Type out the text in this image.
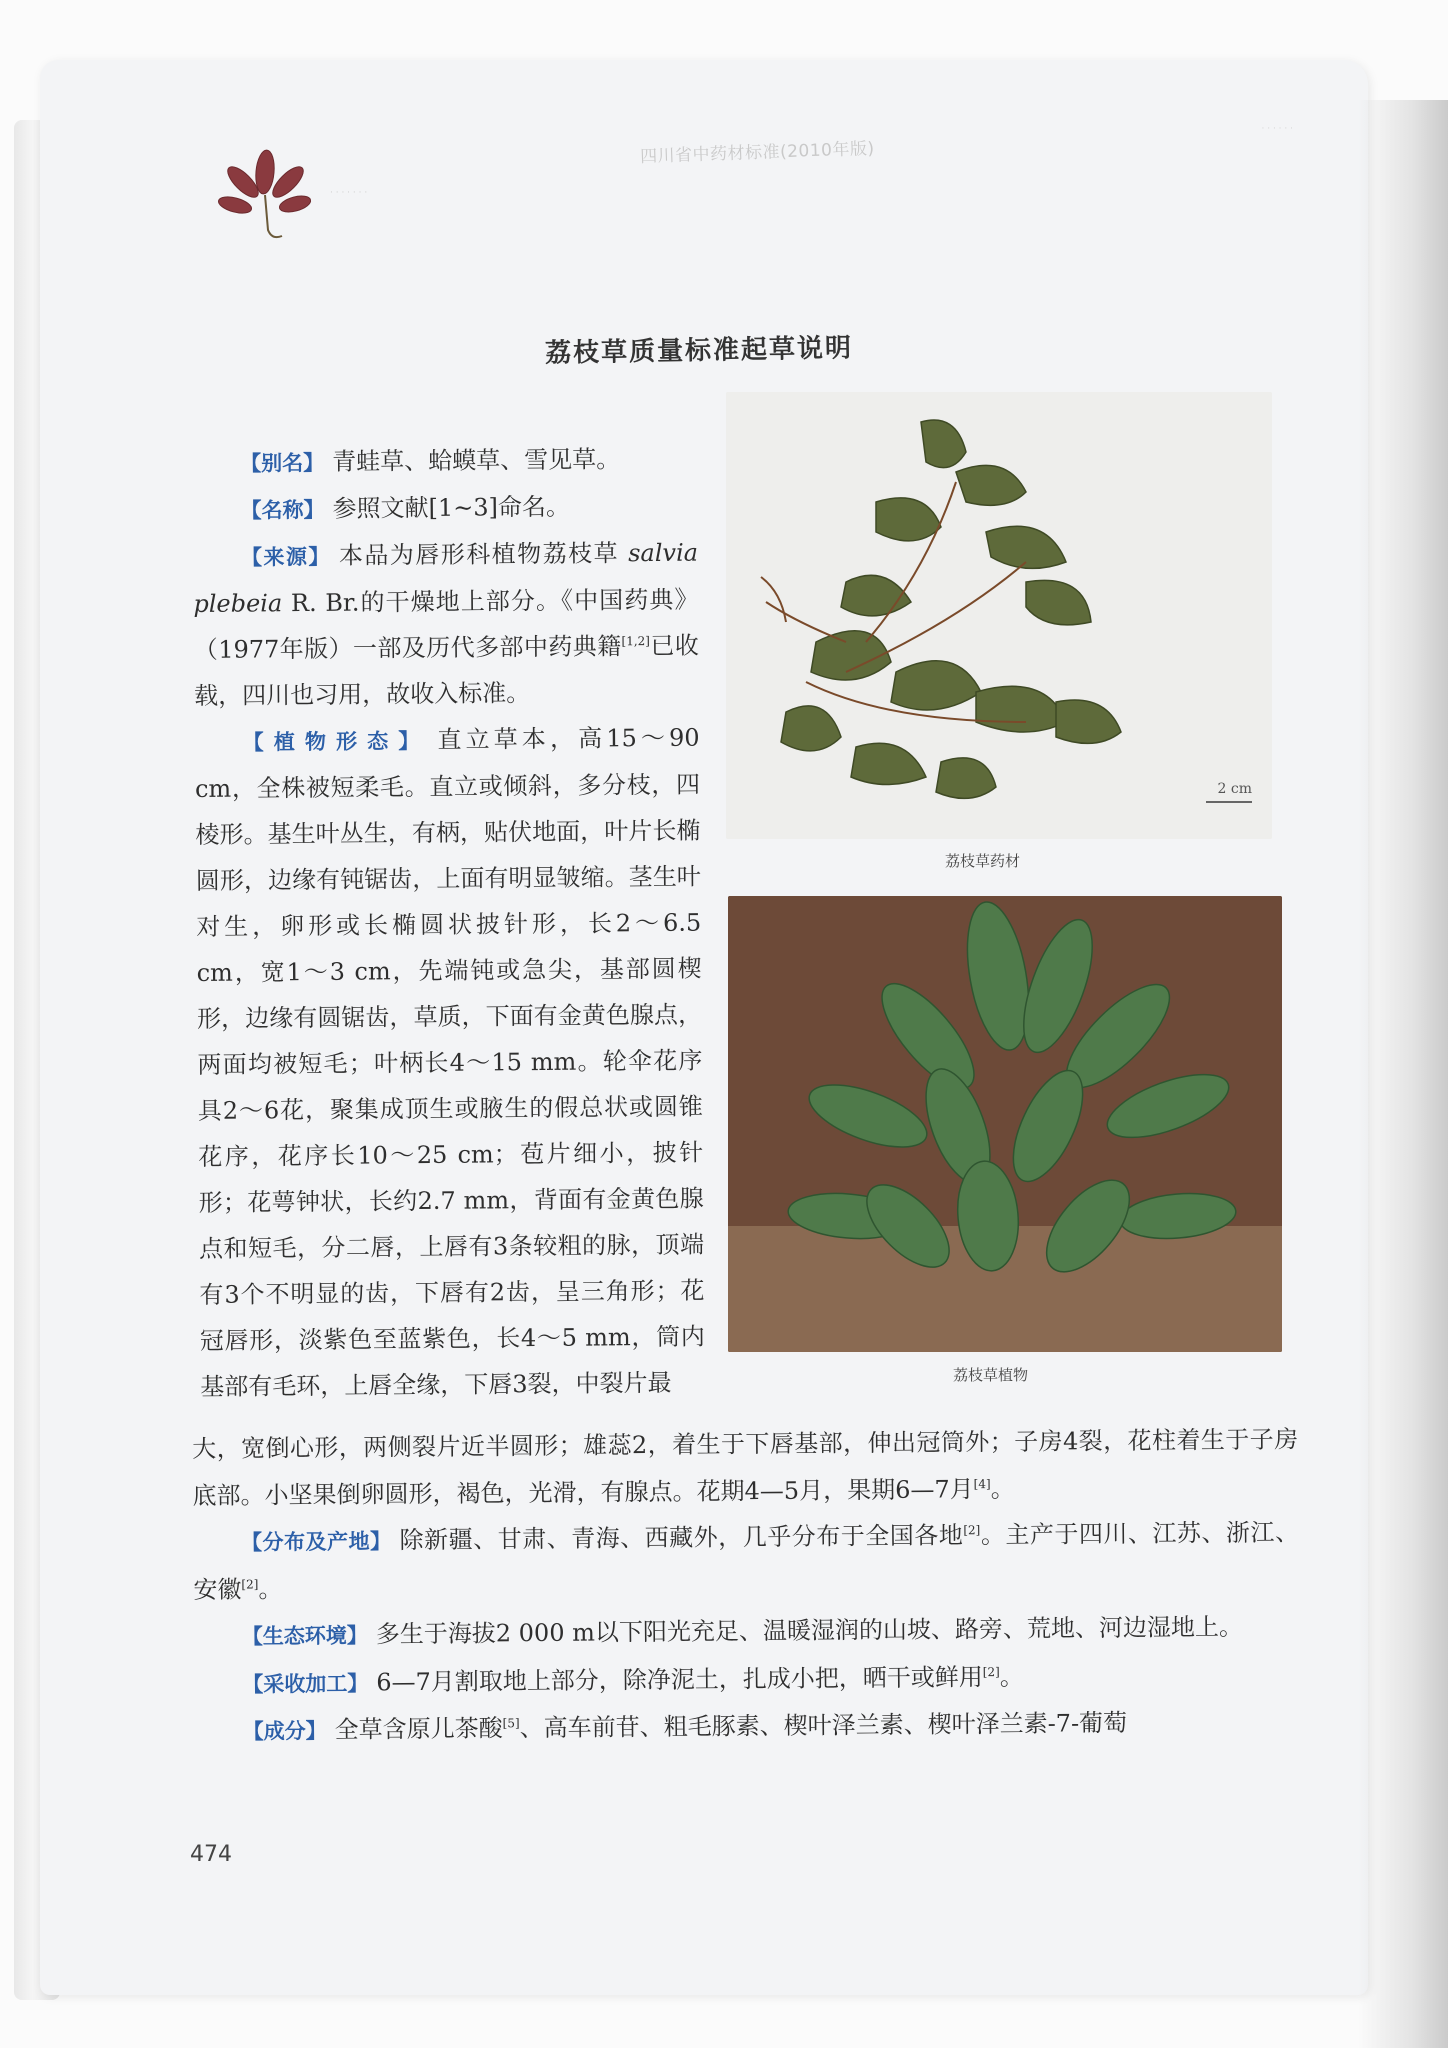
四川省中药材标准(2010年版)
· · · · · · ·
· · · · · ·
荔枝草质量标准起草说明

【别名】 青蛙草、蛤蟆草、雪见草。

【名称】 参照文献[1~3]命名。

【来源】 本品为唇形科植物荔枝草 salvia plebeia R. Br.的干燥地上部分。《中国药典》（1977年版）一部及历代多部中药典籍[1,2]已收载，四川也习用，故收入标准。

【植物形态】 直立草本，高15～90 cm，全株被短柔毛。直立或倾斜，多分枝，四棱形。基生叶丛生，有柄，贴伏地面，叶片长椭圆形，边缘有钝锯齿，上面有明显皱缩。茎生叶对生，卵形或长椭圆状披针形，长2～6.5 cm，宽1～3 cm，先端钝或急尖，基部圆楔形，边缘有圆锯齿，草质，下面有金黄色腺点，两面均被短毛；叶柄长4～15 mm。轮伞花序具2～6花，聚集成顶生或腋生的假总状或圆锥花序，花序长10～25 cm；苞片细小，披针形；花萼钟状，长约2.7 mm，背面有金黄色腺点和短毛，分二唇，上唇有3条较粗的脉，顶端有3个不明显的齿，下唇有2齿，呈三角形；花冠唇形，淡紫色至蓝紫色，长4～5 mm，筒内基部有毛环，上唇全缘，下唇3裂，中裂片最

大，宽倒心形，两侧裂片近半圆形；雄蕊2，着生于下唇基部，伸出冠筒外；子房4裂，花柱着生于子房底部。小坚果倒卵圆形，褐色，光滑，有腺点。花期4—5月，果期6—7月[4]。

【分布及产地】 除新疆、甘肃、青海、西藏外，几乎分布于全国各地[2]。主产于四川、江苏、浙江、安徽[2]。

【生态环境】 多生于海拔2 000 m以下阳光充足、温暖湿润的山坡、路旁、荒地、河边湿地上。

【采收加工】 6—7月割取地上部分，除净泥土，扎成小把，晒干或鲜用[2]。

【成分】 全草含原儿茶酸[5]、高车前苷、粗毛豚素、楔叶泽兰素、楔叶泽兰素-7-葡萄

2 cm
荔枝草药材
荔枝草植物
474
